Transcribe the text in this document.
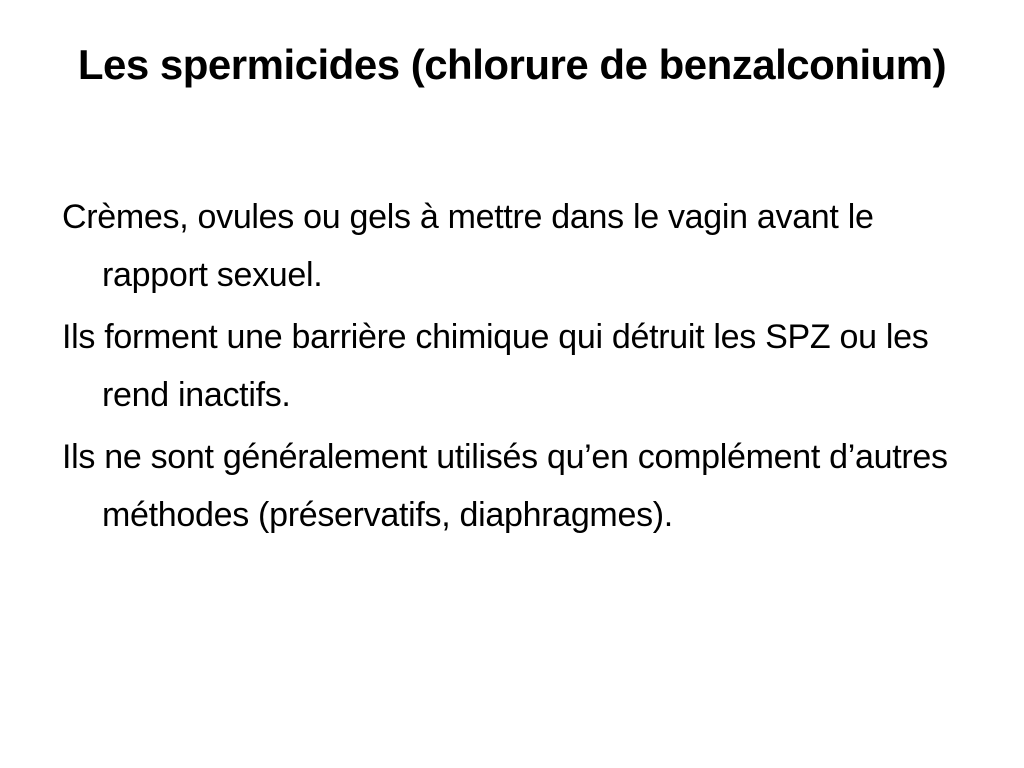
Les spermicides (chlorure de benzalconium)

Crèmes, ovules ou gels à mettre dans le vagin avant le rapport sexuel.

Ils forment une barrière chimique qui détruit les SPZ ou les rend inactifs.

Ils ne sont généralement utilisés qu’en complément d’autres méthodes (préservatifs, diaphragmes).
